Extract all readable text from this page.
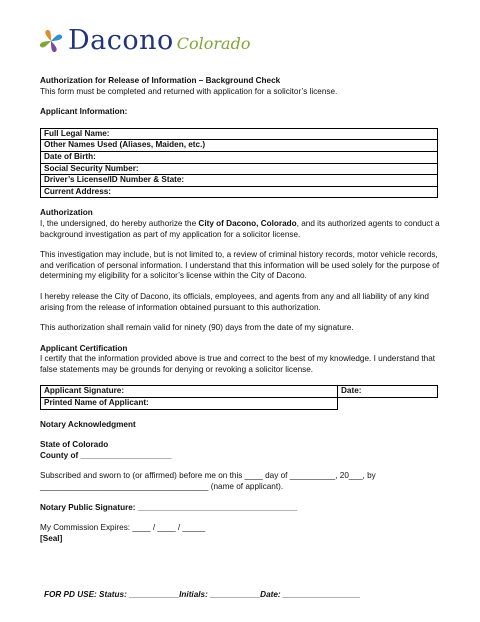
Dacono Colorado
Authorization for Release of Information – Background Check
This form must be completed and returned with application for a solicitor’s license.
Applicant Information:
Full Legal Name:
Other Names Used (Aliases, Maiden, etc.)
Date of Birth:
Social Security Number:
Driver’s License/ID Number & State:
Current Address:
Authorization

I, the undersigned, do hereby authorize the City of Dacono, Colorado, and its authorized agents to conduct a background investigation as part of my application for a solicitor license.

This investigation may include, but is not limited to, a review of criminal history records, motor vehicle records, and verification of personal information. I understand that this information will be used solely for the purpose of determining my eligibility for a solicitor’s license within the City of Dacono.

I hereby release the City of Dacono, its officials, employees, and agents from any and all liability of any kind arising from the release of information obtained pursuant to this authorization.

This authorization shall remain valid for ninety (90) days from the date of my signature.

Applicant Certification

I certify that the information provided above is true and correct to the best of my knowledge. I understand that false statements may be grounds for denying or revoking a solicitor license.

Applicant Signature:	Date:
Printed Name of Applicant:	
Notary Acknowledgment
State of Colorado
County of ____________________
Subscribed and sworn to (or affirmed) before me on this ____ day of __________, 20___, by
_____________________________________ (name of applicant).
Notary Public Signature: ___________________________________
My Commission Expires: ____ / ____ / _____
[Seal]
FOR PD USE: Status: ___________Initials: ___________Date: _________________
